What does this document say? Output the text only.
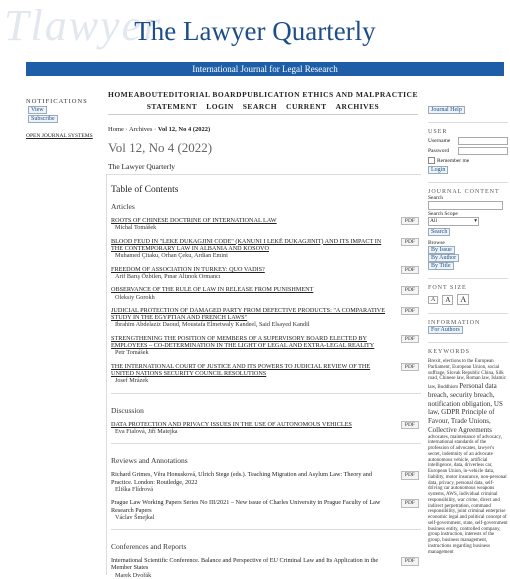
Tlawyer
The Lawyer Quarterly
International Journal for Legal Research
NOTIFICATIONS
View
Subscribe
OPEN JOURNAL SYSTEMS
HOME ABOUT EDITORIAL BOARD PUBLICATION ETHICS AND MALPRACTICE
STATEMENT LOGIN SEARCH CURRENT ARCHIVES
Home · Archives · Vol 12, No 4 (2022)
Vol 12, No 4 (2022)
The Lawyer Quarterly
Table of Contents
Articles
ROOTS OF CHINESE DOCTRINE OF INTERNATIONAL LAW
Michal Tomášek
PDF
BLOOD FEUD IN "LEKE DUKAGJINI CODE" (KANUNI I LEKË DUKAGJINIT) AND ITS IMPACT IN THE CONTEMPORARY LAW IN ALBANIA AND KOSOVO
Muhamed Çitaku, Orhan Çeku, Ardian Emini
PDF
FREEDOM OF ASSOCIATION IN TURKEY: QUO VADIS?
Arif Barış Özbilen, Pınar Altınok Ormancı
PDF
OBSERVANCE OF THE RULE OF LAW IN RELEASE FROM PUNISHMENT
Oleksiy Gorokh
PDF
JUDICIAL PROTECTION OF DAMAGED PARTY FROM DEFECTIVE PRODUCTS: "A COMPARATIVE STUDY IN THE EGYPTIAN AND FRENCH LAWS"
Ibrahim Abdelaziz Daoud, Moustafa Elmetwaly Kandeel, Said Elsayed Kandil
PDF
STRENGTHENING THE POSITION OF MEMBERS OF A SUPERVISORY BOARD ELECTED BY EMPLOYEES – CO-DETERMINATION IN THE LIGHT OF LEGAL AND EXTRA-LEGAL REALITY
Petr Tomášek
PDF
THE INTERNATIONAL COURT OF JUSTICE AND ITS POWERS TO JUDICIAL REVIEW OF THE UNITED NATIONS SECURITY COUNCIL RESOLUTIONS
Josef Mrázek
PDF
Discussion
DATA PROTECTION AND PRIVACY ISSUES IN THE USE OF AUTONOMOUS VEHICLES
Eva Fialová, Jiří Matejka
PDF
Reviews and Annotations
Richard Grimes, Věra Honusková, Ulrich Stege (eds.). Teaching Migration and Asylum Law: Theory and Practice. London: Routledge, 2022
Eliška Flídrová
PDF
Prague Law Working Papers Series No III/2021 – New issue of Charles University in Prague Faculty of Law Research Papers
Václav Šmejkal
PDF
Conferences and Reports
International Scientific Conference. Balance and Perspective of EU Criminal Law and Its Application in the Member States
Marek Dvořák
PDF
Journal Help
USER
Username
Password
Remember me
Login
JOURNAL CONTENT
Search
Search Scope
All	▾
Search
Browse
By Issue
By Author
By Title
FONT SIZE
A	A	A
INFORMATION
For Authors
KEYWORDS
Brexit, elections to the European Parliament, European Union, social suffrage, Slovak Republic China, Silk road, Chinese law, Roman law, Islamic law, Buddhism Personal data breach, security breach, notification obligation, US law, GDPR Principle of Favour, Trade Unions, Collective Agreements advocates, maintenance of advocacy, international standards of the profession of advocates, lawyer's secret, indemnity of an advocate autonomous vehicle, artificial intelligence, data, driverless car, European Union, in-vehicle data, liability, motor insurance, non-personal data, privacy, personal data, self-driving car autonomous weapons systems, AWS, individual criminal responsibility, war crime, direct and indirect perpetration, command responsibility, joint criminal enterprise economic legal and political concept of self-government, state, self-government business entity, controlled company, group instruction, interests of the group, business management, instructions regarding business management
